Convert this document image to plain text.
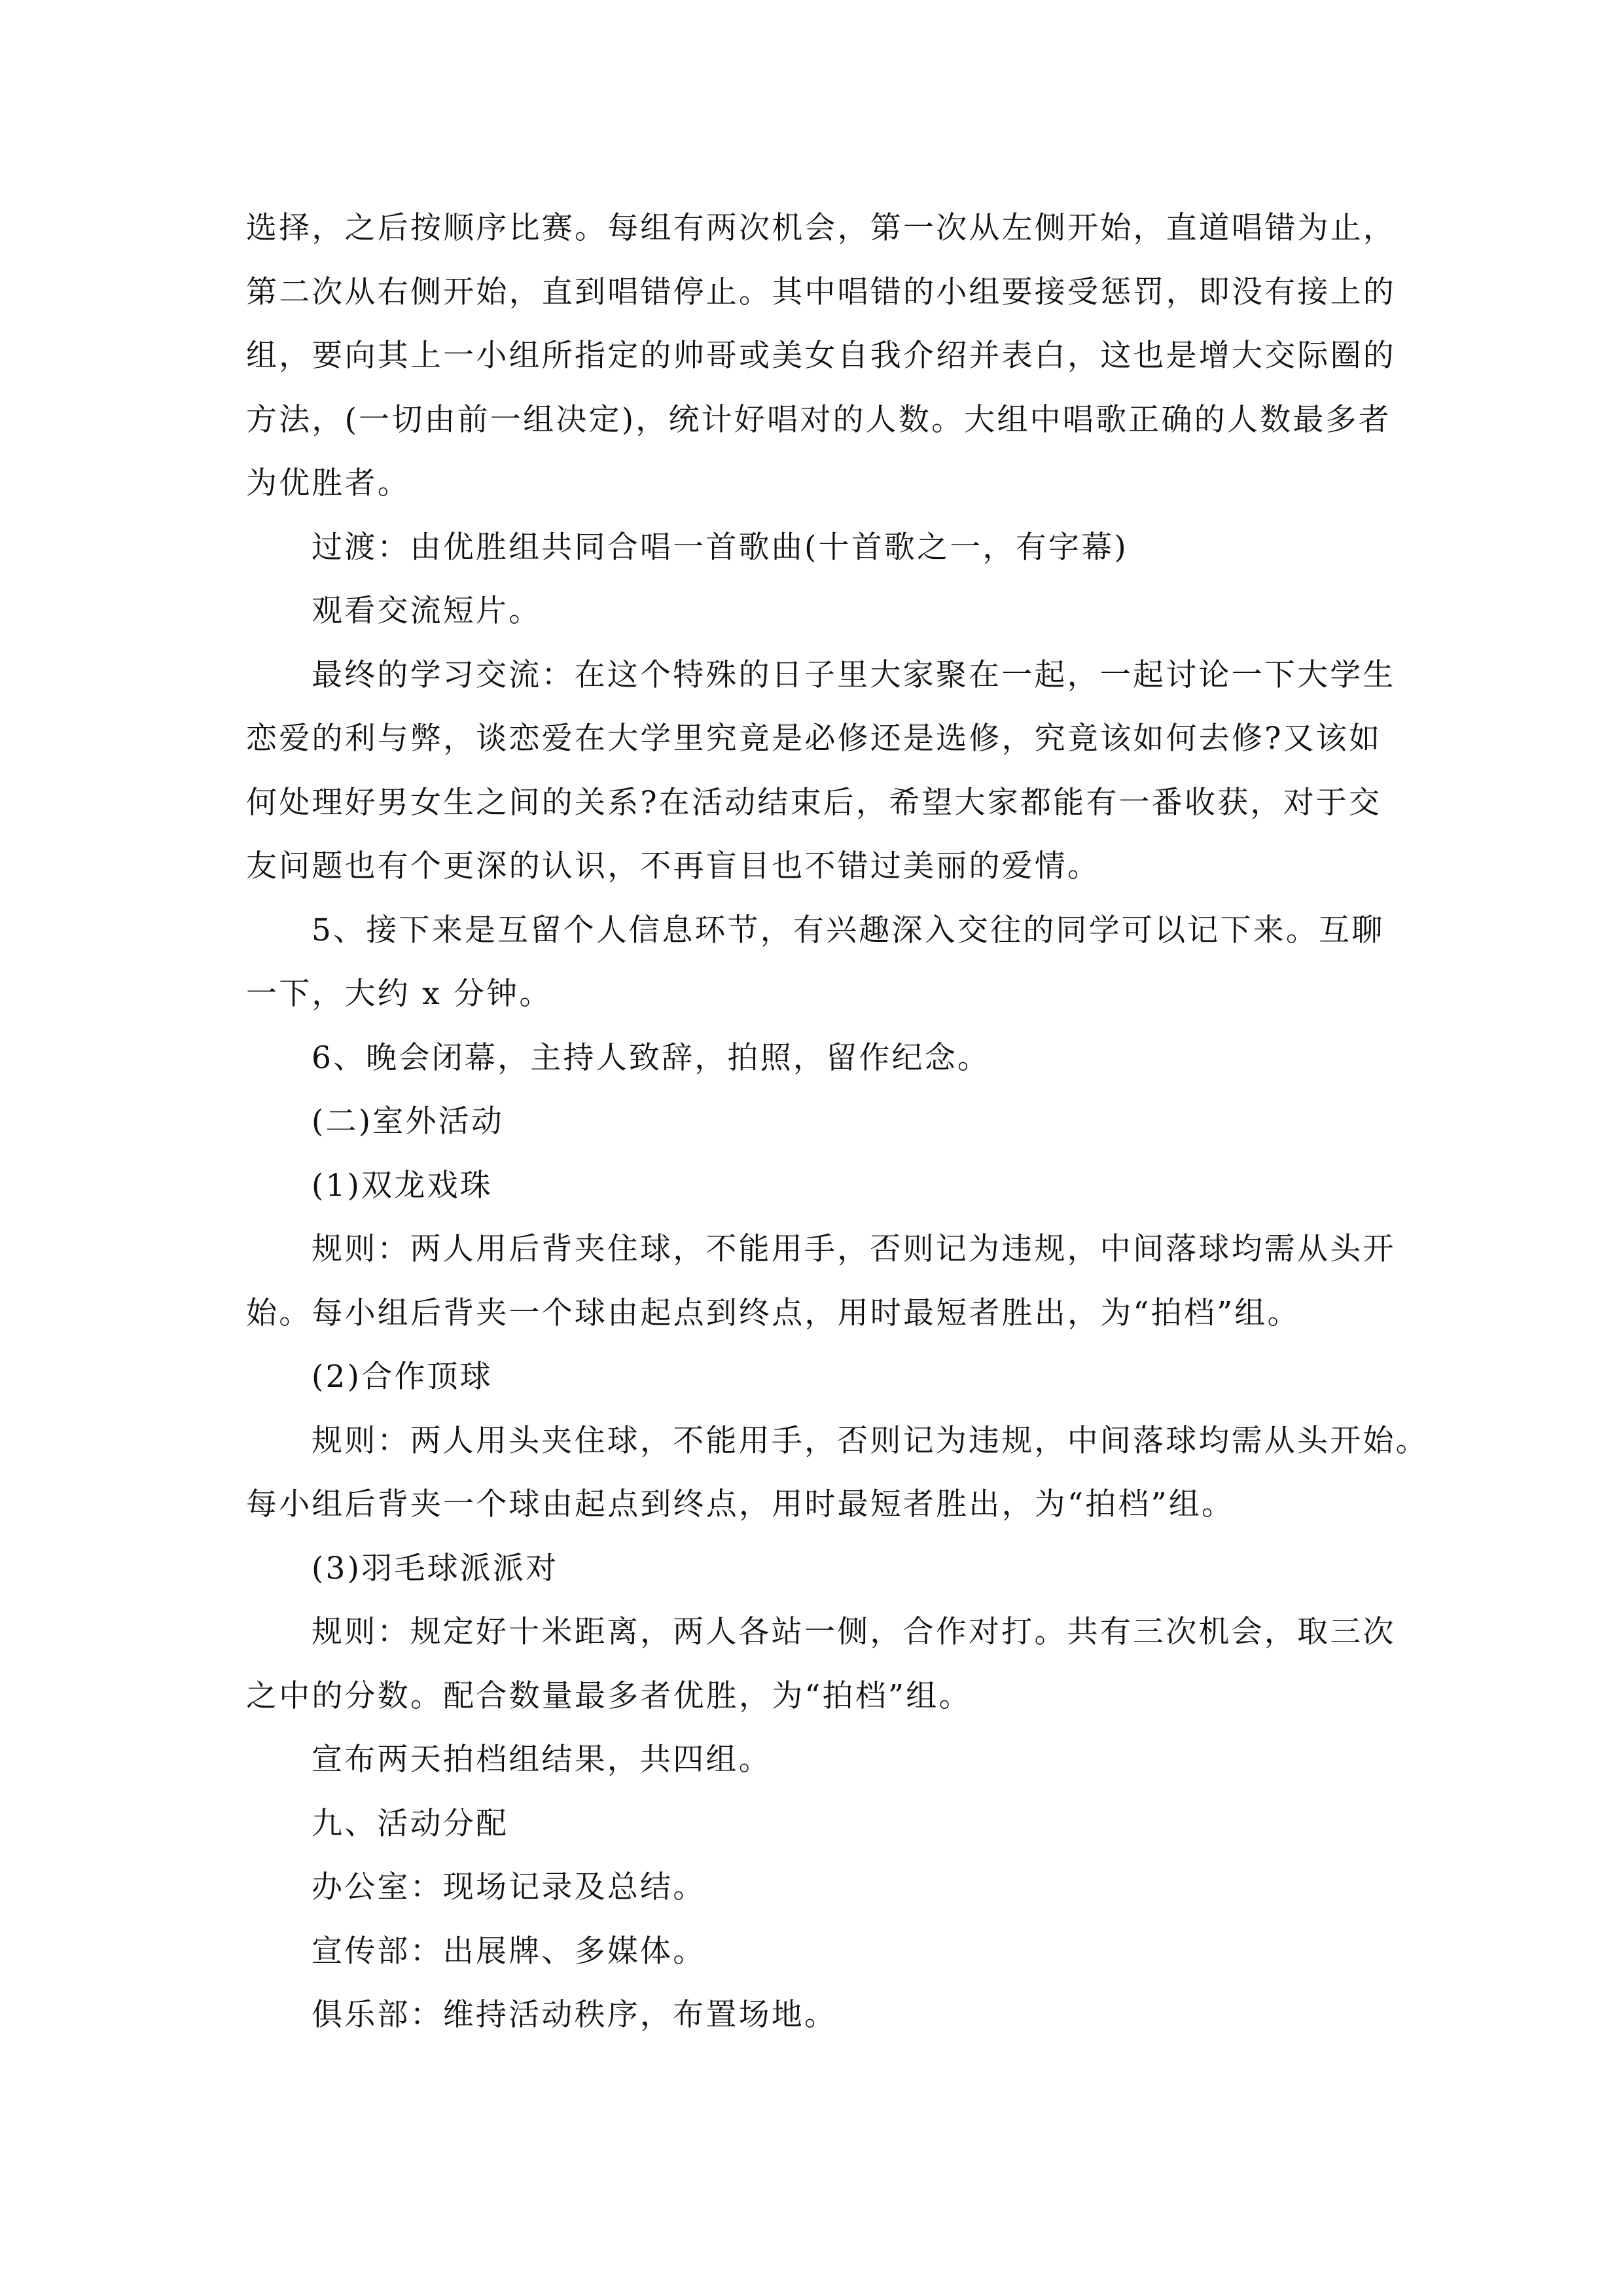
选择，之后按顺序比赛。每组有两次机会，第一次从左侧开始，直道唱错为止，
第二次从右侧开始，直到唱错停止。其中唱错的小组要接受惩罚，即没有接上的
组，要向其上一小组所指定的帅哥或美女自我介绍并表白，这也是增大交际圈的
方法，(一切由前一组决定)，统计好唱对的人数。大组中唱歌正确的人数最多者
为优胜者。
过渡：由优胜组共同合唱一首歌曲(十首歌之一，有字幕)
观看交流短片。
最终的学习交流：在这个特殊的日子里大家聚在一起，一起讨论一下大学生
恋爱的利与弊，谈恋爱在大学里究竟是必修还是选修，究竟该如何去修?又该如
何处理好男女生之间的关系?在活动结束后，希望大家都能有一番收获，对于交
友问题也有个更深的认识，不再盲目也不错过美丽的爱情。
5、接下来是互留个人信息环节，有兴趣深入交往的同学可以记下来。互聊
一下，大约 x 分钟。
6、晚会闭幕，主持人致辞，拍照，留作纪念。
(二)室外活动
(1)双龙戏珠
规则：两人用后背夹住球，不能用手，否则记为违规，中间落球均需从头开
始。每小组后背夹一个球由起点到终点，用时最短者胜出，为“拍档”组。
(2)合作顶球
规则：两人用头夹住球，不能用手，否则记为违规，中间落球均需从头开始。
每小组后背夹一个球由起点到终点，用时最短者胜出，为“拍档”组。
(3)羽毛球派派对
规则：规定好十米距离，两人各站一侧，合作对打。共有三次机会，取三次
之中的分数。配合数量最多者优胜，为“拍档”组。
宣布两天拍档组结果，共四组。
九、活动分配
办公室：现场记录及总结。
宣传部：出展牌、多媒体。
俱乐部：维持活动秩序，布置场地。
